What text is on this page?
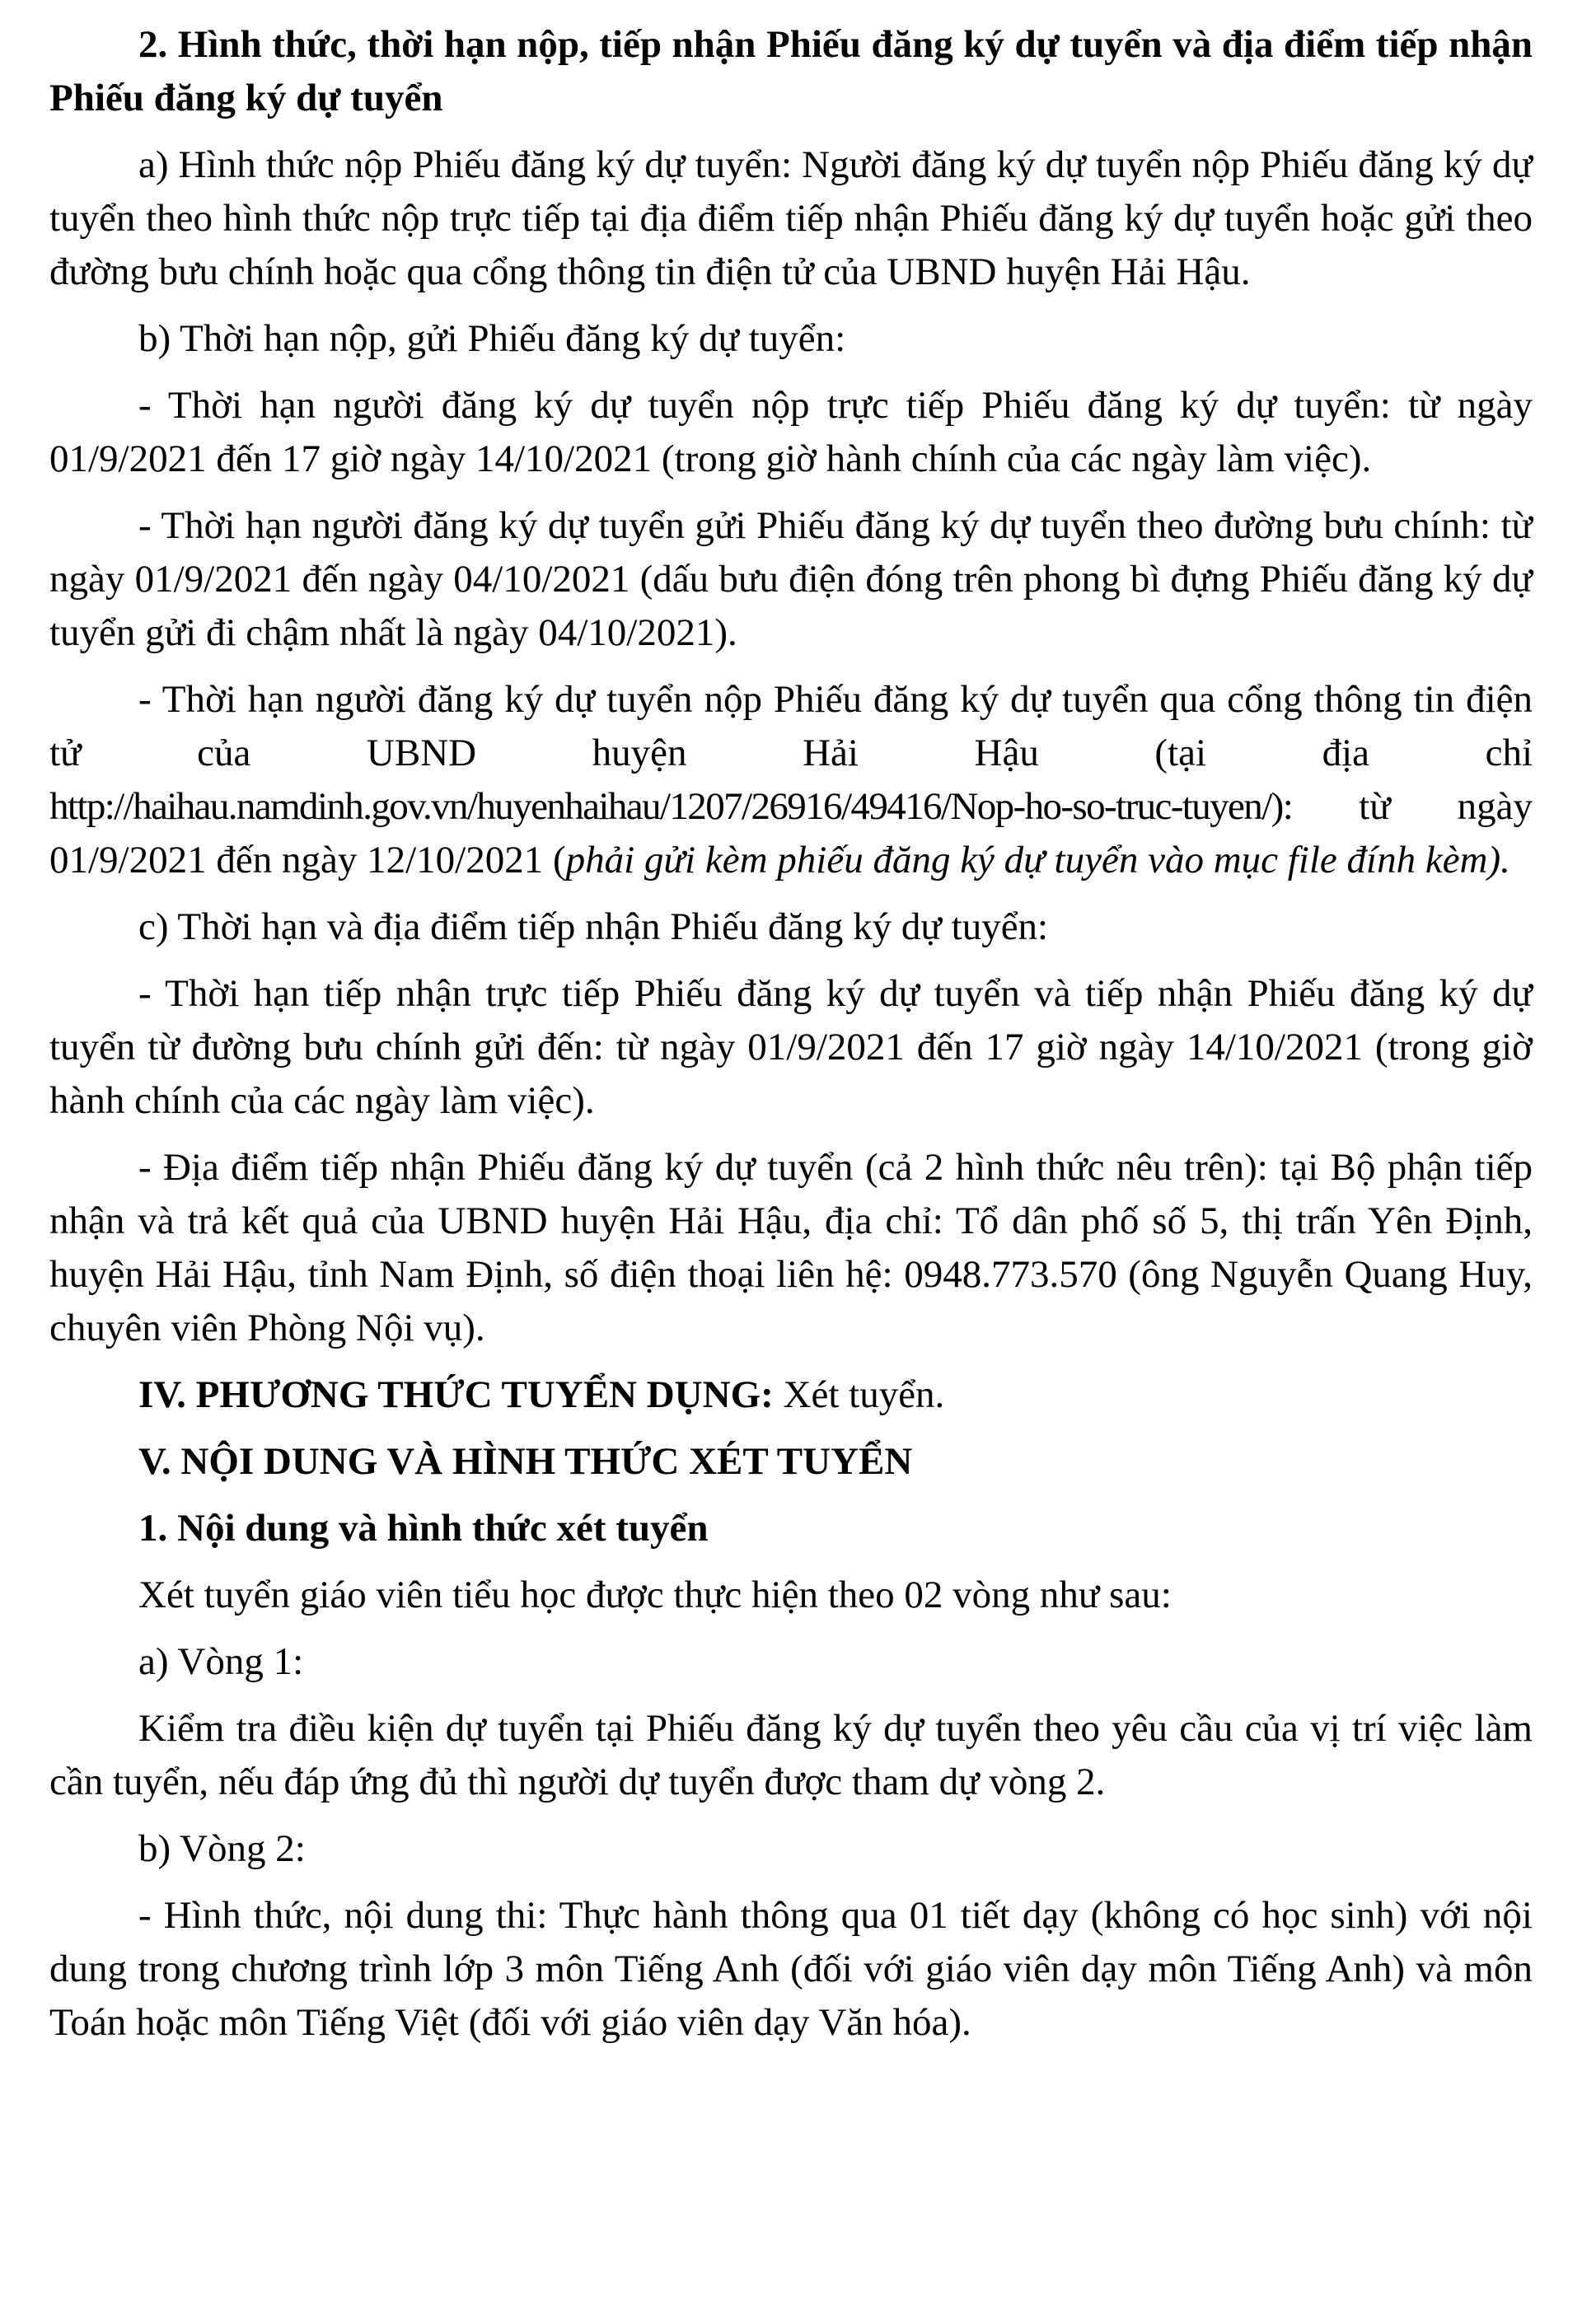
2. Hình thức, thời hạn nộp, tiếp nhận Phiếu đăng ký dự tuyển và địa điểm tiếp nhận Phiếu đăng ký dự tuyển

a) Hình thức nộp Phiếu đăng ký dự tuyển: Người đăng ký dự tuyển nộp Phiếu đăng ký dự tuyển theo hình thức nộp trực tiếp tại địa điểm tiếp nhận Phiếu đăng ký dự tuyển hoặc gửi theo đường bưu chính hoặc qua cổng thông tin điện tử của UBND huyện Hải Hậu.

b) Thời hạn nộp, gửi Phiếu đăng ký dự tuyển:

- Thời hạn người đăng ký dự tuyển nộp trực tiếp Phiếu đăng ký dự tuyển: từ ngày 01/9/2021 đến 17 giờ ngày 14/10/2021 (trong giờ hành chính của các ngày làm việc).

- Thời hạn người đăng ký dự tuyển gửi Phiếu đăng ký dự tuyển theo đường bưu chính: từ ngày 01/9/2021 đến ngày 04/10/2021 (dấu bưu điện đóng trên phong bì đựng Phiếu đăng ký dự tuyển gửi đi chậm nhất là ngày 04/10/2021).

- Thời hạn người đăng ký dự tuyển nộp Phiếu đăng ký dự tuyển qua cổng thông tin điện tử của UBND huyện Hải Hậu (tại địa chỉ http://haihau.namdinh.gov.vn/huyenhaihau/1207/26916/49416/Nop-ho-so-truc-tuyen/): từ ngày 01/9/2021 đến ngày 12/10/2021 (phải gửi kèm phiếu đăng ký dự tuyển vào mục file đính kèm).

c) Thời hạn và địa điểm tiếp nhận Phiếu đăng ký dự tuyển:

- Thời hạn tiếp nhận trực tiếp Phiếu đăng ký dự tuyển và tiếp nhận Phiếu đăng ký dự tuyển từ đường bưu chính gửi đến: từ ngày 01/9/2021 đến 17 giờ ngày 14/10/2021 (trong giờ hành chính của các ngày làm việc).

- Địa điểm tiếp nhận Phiếu đăng ký dự tuyển (cả 2 hình thức nêu trên): tại Bộ phận tiếp nhận và trả kết quả của UBND huyện Hải Hậu, địa chỉ: Tổ dân phố số 5, thị trấn Yên Định, huyện Hải Hậu, tỉnh Nam Định, số điện thoại liên hệ: 0948.773.570 (ông Nguyễn Quang Huy, chuyên viên Phòng Nội vụ).

IV. PHƯƠNG THỨC TUYỂN DỤNG: Xét tuyển.

V. NỘI DUNG VÀ HÌNH THỨC XÉT TUYỂN

1. Nội dung và hình thức xét tuyển

Xét tuyển giáo viên tiểu học được thực hiện theo 02 vòng như sau:

a) Vòng 1:

Kiểm tra điều kiện dự tuyển tại Phiếu đăng ký dự tuyển theo yêu cầu của vị trí việc làm cần tuyển, nếu đáp ứng đủ thì người dự tuyển được tham dự vòng 2.

b) Vòng 2:

- Hình thức, nội dung thi: Thực hành thông qua 01 tiết dạy (không có học sinh) với nội dung trong chương trình lớp 3 môn Tiếng Anh (đối với giáo viên dạy môn Tiếng Anh) và môn Toán hoặc môn Tiếng Việt (đối với giáo viên dạy Văn hóa).
